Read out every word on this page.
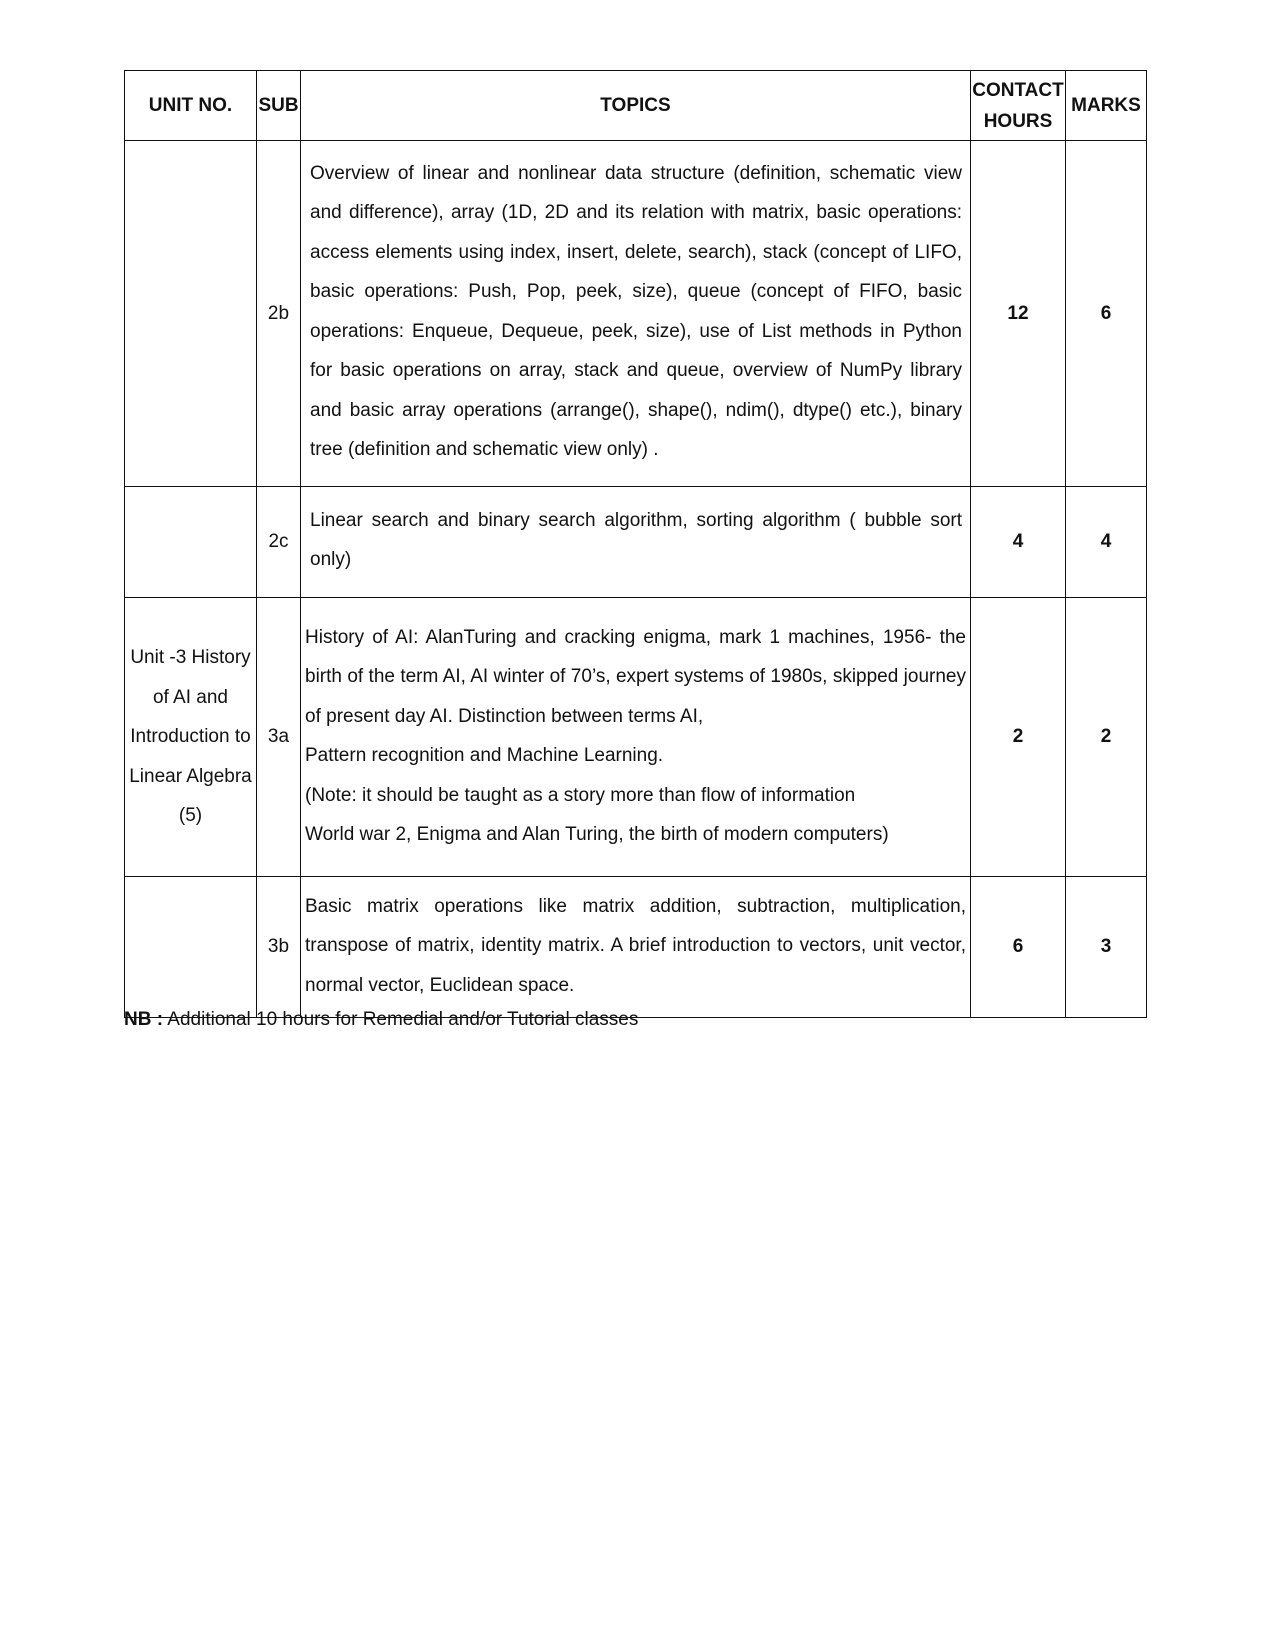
UNIT NO.	SUB	TOPICS	CONTACT HOURS	MARKS
	2b	Overview of linear and nonlinear data structure (definition, schematic view and difference), array (1D, 2D and its relation with matrix, basic operations: access elements using index, insert, delete, search), stack (concept of LIFO, basic operations: Push, Pop, peek, size), queue (concept of FIFO, basic operations: Enqueue, Dequeue, peek, size), use of List methods in Python for basic operations on array, stack and queue, overview of NumPy library and basic array operations (arrange(), shape(), ndim(), dtype() etc.), binary tree (definition and schematic view only) .	12	6
	2c	Linear search and binary search algorithm, sorting algorithm ( bubble sort only)	4	4
Unit -3 History of AI and Introduction to Linear Algebra (5)	3a	History of AI: AlanTuring and cracking enigma, mark 1 machines, 1956- the birth of the term AI, AI winter of 70’s, expert systems of 1980s, skipped journey of present day AI. Distinction between terms AI,
Pattern recognition and Machine Learning.
(Note: it should be taught as a story more than flow of information
World war 2, Enigma and Alan Turing, the birth of modern computers)	2	2
	3b	Basic matrix operations like matrix addition, subtraction, multiplication, transpose of matrix, identity matrix. A brief introduction to vectors, unit vector, normal vector, Euclidean space.	6	3
NB : Additional 10 hours for Remedial and/or Tutorial classes
